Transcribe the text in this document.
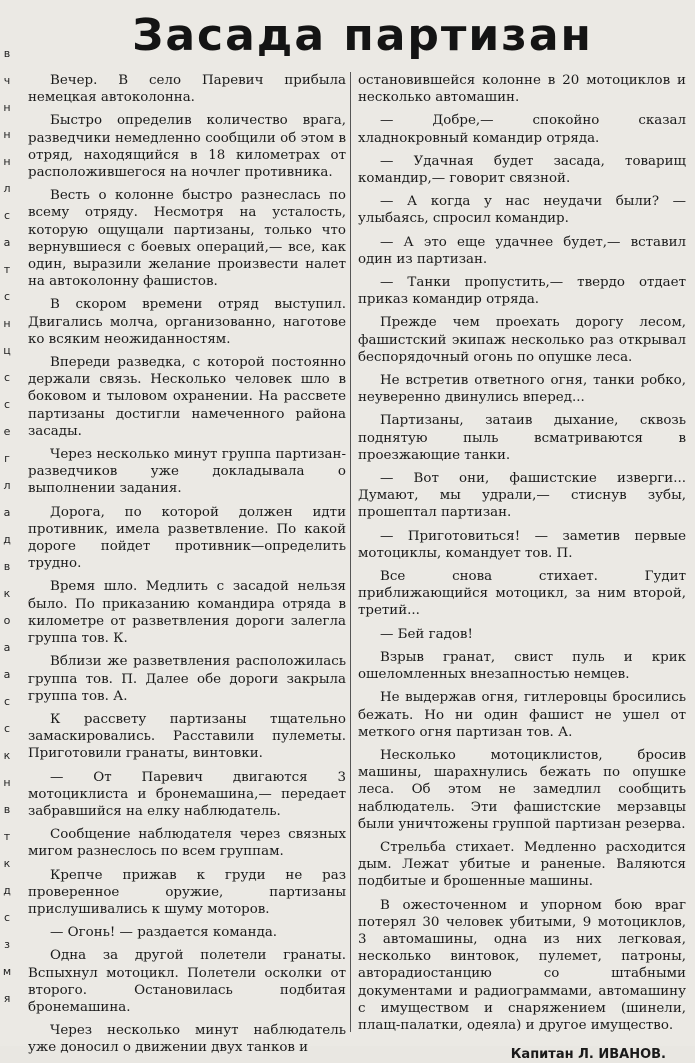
в
ч
н
н
н
л
с
а
т
с
н
ц
с
с
е
г
л
а
д
в
к
о
а
а
с
с
к
н
в
т
к
д
с
з
м
я
Засада партизан

Вечер. В село Паревич прибыла немецкая автоколонна.

Быстро определив количество врага, разведчики немедленно сообщили об этом в отряд, находящийся в 18 километрах от расположившегося на ночлег противника.

Весть о колонне быстро разнеслась по всему отряду. Несмотря на усталость, которую ощущали партизаны, только что вернувшиеся с боевых операций,— все, как один, выразили желание произвести налет на автоколонну фашистов.

В скором времени отряд выступил. Двигались молча, организованно, наготове ко всяким неожиданностям.

Впереди разведка, с которой постоянно держали связь. Несколько человек шло в боковом и тыловом охранении. На рассвете партизаны достигли намеченного района засады.

Через несколько минут группа партизан-разведчиков уже докладывала о выполнении задания.

Дорога, по которой должен идти противник, имела разветвление. По какой дороге пойдет противник—определить трудно.

Время шло. Медлить с засадой нельзя было. По приказанию командира отряда в километре от разветвления дороги залегла группа тов. К.

Вблизи же разветвления расположилась группа тов. П. Далее обе дороги закрыла группа тов. А.

К рассвету партизаны тщательно замаскировались. Расставили пулеметы. Приготовили гранаты, винтовки.

— От Паревич двигаются 3 мотоциклиста и бронемашина,— передает забравшийся на елку наблюдатель.

Сообщение наблюдателя через связных мигом разнеслось по всем группам.

Крепче прижав к груди не раз проверенное оружие, партизаны прислушивались к шуму моторов.

— Огонь! — раздается команда.

Одна за другой полетели гранаты. Вспыхнул мотоцикл. Полетели осколки от второго. Остановилась подбитая бронемашина.

Через несколько минут наблюдатель уже доносил о движении двух танков и

остановившейся колонне в 20 мотоциклов и несколько автомашин.

— Добре,— спокойно сказал хладнокровный командир отряда.

— Удачная будет засада, товарищ командир,— говорит связной.

— А когда у нас неудачи были? — улыбаясь, спросил командир.

— А это еще удачнее будет,— вставил один из партизан.

— Танки пропустить,— твердо отдает приказ командир отряда.

Прежде чем проехать дорогу лесом, фашистский экипаж несколько раз открывал беспорядочный огонь по опушке леса.

Не встретив ответного огня, танки робко, неуверенно двинулись вперед...

Партизаны, затаив дыхание, сквозь поднятую пыль всматриваются в проезжающие танки.

— Вот они, фашистские изверги... Думают, мы удрали,— стиснув зубы, прошептал партизан.

— Приготовиться! — заметив первые мотоциклы, командует тов. П.

Все снова стихает. Гудит приближающийся мотоцикл, за ним второй, третий...

— Бей гадов!

Взрыв гранат, свист пуль и крик ошеломленных внезапностью немцев.

Не выдержав огня, гитлеровцы бросились бежать. Но ни один фашист не ушел от меткого огня партизан тов. А.

Несколько мотоциклистов, бросив машины, шарахнулись бежать по опушке леса. Об этом не замедлил сообщить наблюдатель. Эти фашистские мерзавцы были уничтожены группой партизан резерва.

Стрельба стихает. Медленно расходится дым. Лежат убитые и раненые. Валяются подбитые и брошенные машины.

В ожесточенном и упорном бою враг потерял 30 человек убитыми, 9 мотоциклов, 3 автомашины, одна из них легковая, несколько винтовок, пулемет, патроны, авторадиостанцию со штабными документами и радиограммами, автомашину с имуществом и снаряжением (шинели, плащ-палатки, одеяла) и другое имущество.

Капитан Л. ИВАНОВ.
